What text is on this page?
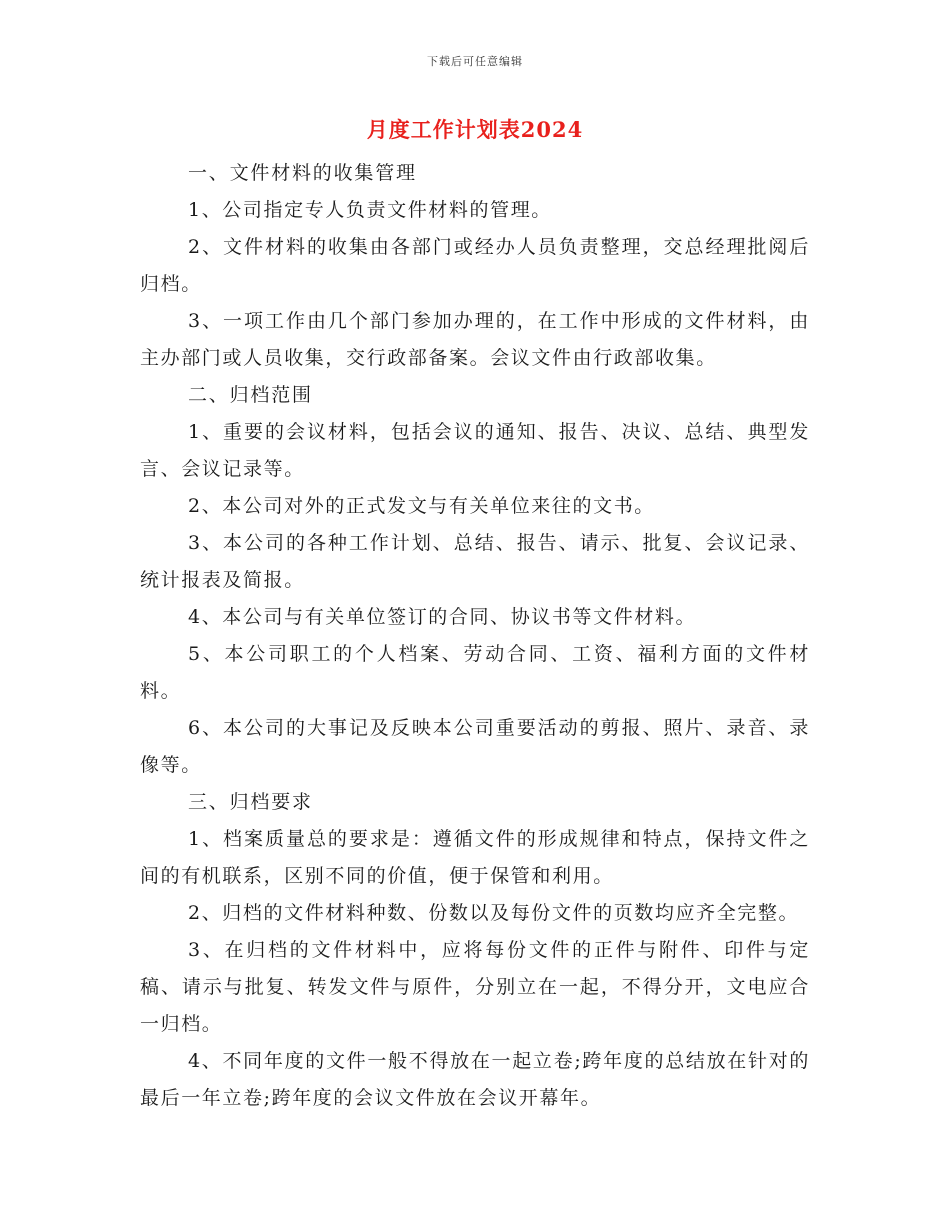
下载后可任意编辑
月度工作计划表2024

一、文件材料的收集管理

1、公司指定专人负责文件材料的管理。

2、文件材料的收集由各部门或经办人员负责整理，交总经理批阅后归档。

3、一项工作由几个部门参加办理的，在工作中形成的文件材料，由主办部门或人员收集，交行政部备案。会议文件由行政部收集。

二、归档范围

1、重要的会议材料，包括会议的通知、报告、决议、总结、典型发言、会议记录等。

2、本公司对外的正式发文与有关单位来往的文书。

3、本公司的各种工作计划、总结、报告、请示、批复、会议记录、统计报表及简报。

4、本公司与有关单位签订的合同、协议书等文件材料。

5、本公司职工的个人档案、劳动合同、工资、福利方面的文件材料。

6、本公司的大事记及反映本公司重要活动的剪报、照片、录音、录像等。

三、归档要求

1、档案质量总的要求是：遵循文件的形成规律和特点，保持文件之间的有机联系，区别不同的价值，便于保管和利用。

2、归档的文件材料种数、份数以及每份文件的页数均应齐全完整。

3、在归档的文件材料中，应将每份文件的正件与附件、印件与定稿、请示与批复、转发文件与原件，分别立在一起，不得分开，文电应合一归档。

4、不同年度的文件一般不得放在一起立卷;跨年度的总结放在针对的最后一年立卷;跨年度的会议文件放在会议开幕年。
